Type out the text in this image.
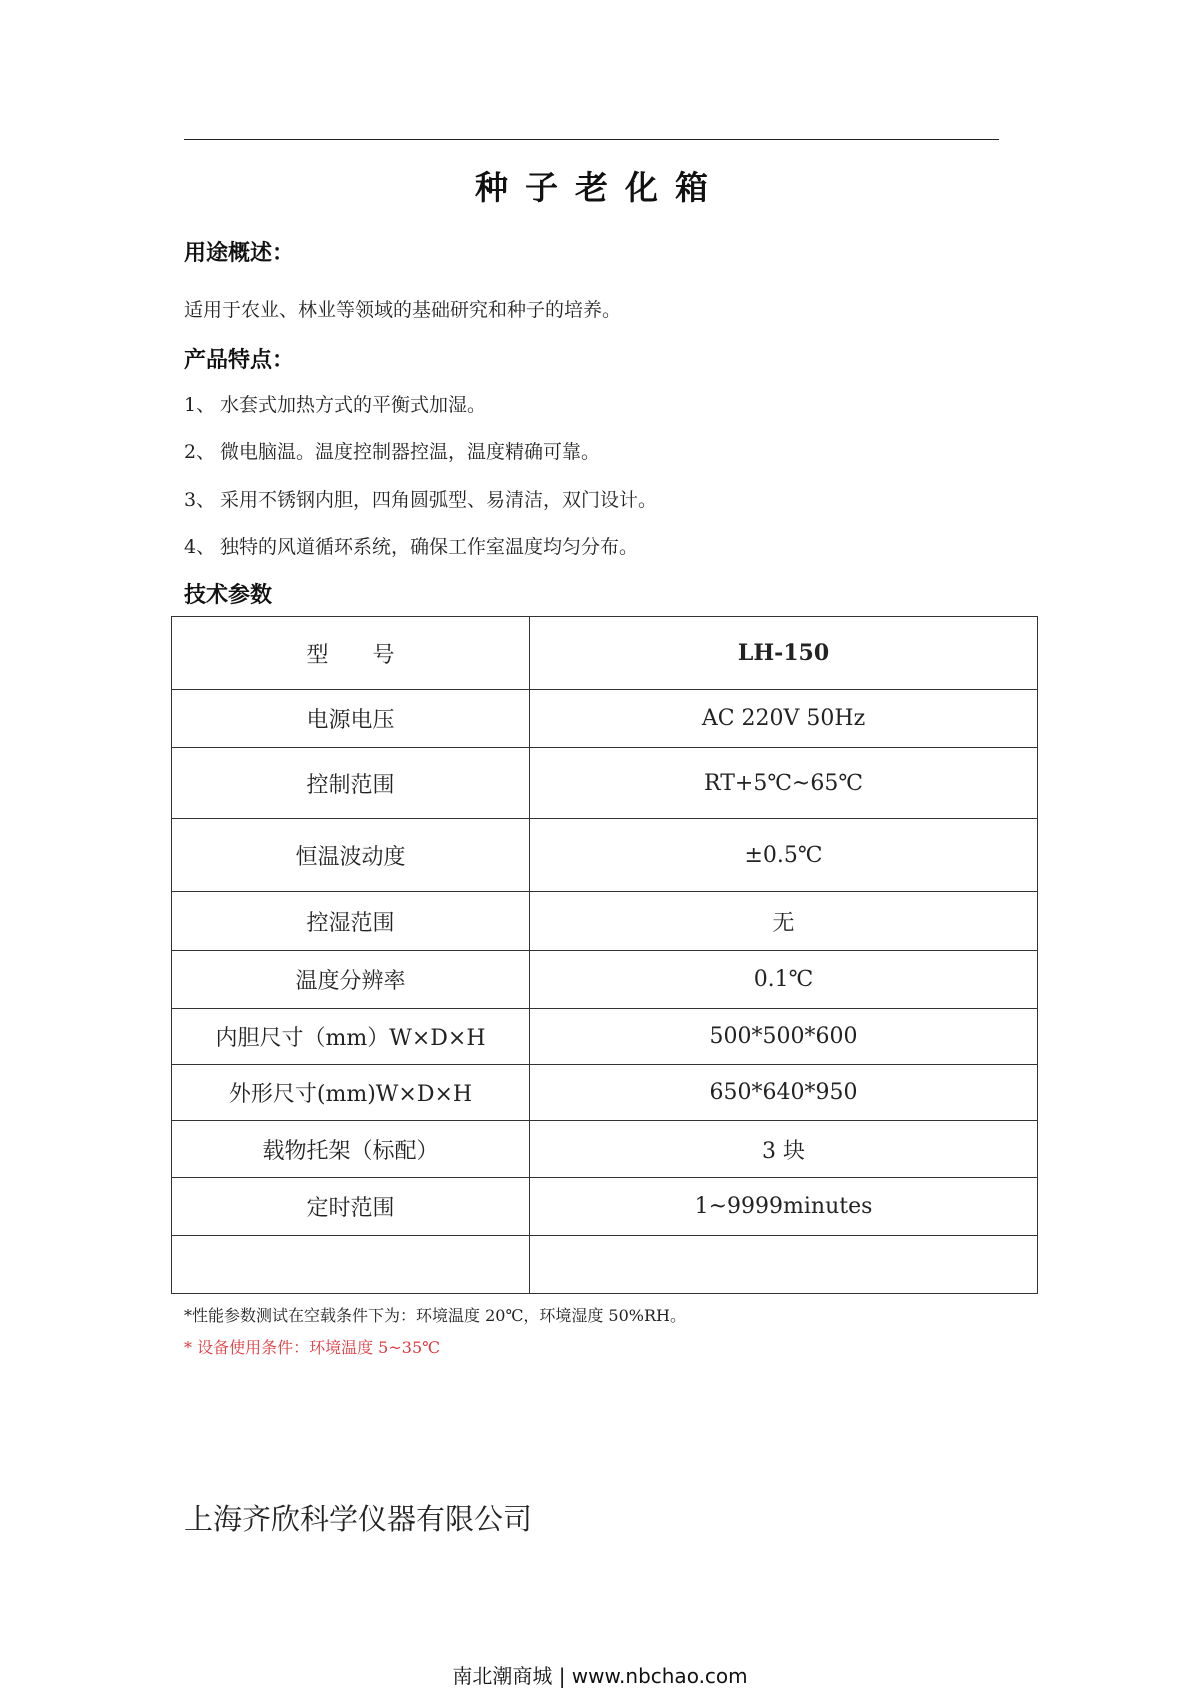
种子老化箱
用途概述：
适用于农业、林业等领域的基础研究和种子的培养。
产品特点：
1、 水套式加热方式的平衡式加湿。
2、 微电脑温。温度控制器控温，温度精确可靠。
3、 采用不锈钢内胆，四角圆弧型、易清洁，双门设计。
4、 独特的风道循环系统，确保工作室温度均匀分布。
技术参数
型　　号	LH-150
电源电压	AC 220V 50Hz
控制范围	RT+5℃~65℃
恒温波动度	±0.5℃
控湿范围	无
温度分辨率	0.1℃
内胆尺寸（mm）W×D×H	500*500*600
外形尺寸(mm)W×D×H	650*640*950
载物托架（标配）	3 块
定时范围	1~9999minutes

*性能参数测试在空载条件下为：环境温度 20℃，环境湿度 50%RH。
* 设备使用条件：环境温度 5~35℃
上海齐欣科学仪器有限公司
南北潮商城 | www.nbchao.com
